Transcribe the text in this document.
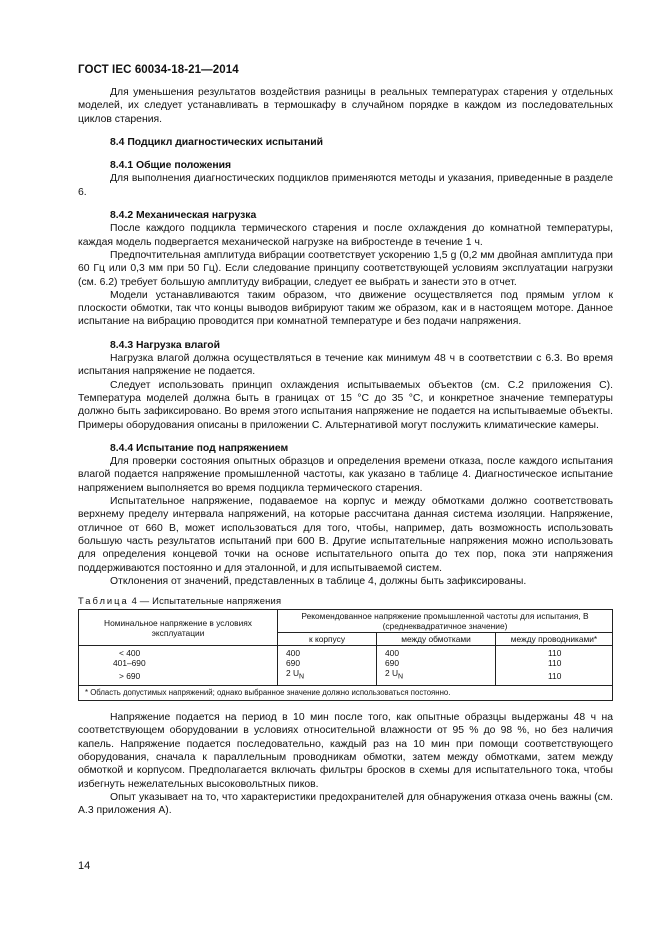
ГОСТ IEC 60034-18-21—2014

Для уменьшения результатов воздействия разницы в реальных температурах старения у отдельных моделей, их следует устанавливать в термошкафу в случайном порядке в каждом из последовательных циклов старения.

8.4 Подцикл диагностических испытаний
8.4.1 Общие положения

Для выполнения диагностических подциклов применяются методы и указания, приведенные в разделе 6.

8.4.2 Механическая нагрузка

После каждого подцикла термического старения и после охлаждения до комнатной температуры, каждая модель подвергается механической нагрузке на вибростенде в течение 1 ч.

Предпочтительная амплитуда вибрации соответствует ускорению 1,5 g (0,2 мм двойная амплитуда при 60 Гц или 0,3 мм при 50 Гц). Если следование принципу соответствующей условиям эксплуатации нагрузки (см. 6.2) требует большую амплитуду вибрации, следует ее выбрать и занести это в отчет.

Модели устанавливаются таким образом, что движение осуществляется под прямым углом к плоскости обмотки, так что концы выводов вибрируют таким же образом, как и в настоящем моторе. Данное испытание на вибрацию проводится при комнатной температуре и без подачи напряжения.

8.4.3 Нагрузка влагой

Нагрузка влагой должна осуществляться в течение как минимум 48 ч в соответствии с 6.3. Во время испытания напряжение не подается.

Следует использовать принцип охлаждения испытываемых объектов (см. С.2 приложения С). Температура моделей должна быть в границах от 15 °С до 35 °С, и конкретное значение температуры должно быть зафиксировано. Во время этого испытания напряжение не подается на испытываемые объекты. Примеры оборудования описаны в приложении С. Альтернативой могут послужить климатические камеры.

8.4.4 Испытание под напряжением

Для проверки состояния опытных образцов и определения времени отказа, после каждого испытания влагой подается напряжение промышленной частоты, как указано в таблице 4. Диагностическое испытание напряжением выполняется во время подцикла термического старения.

Испытательное напряжение, подаваемое на корпус и между обмотками должно соответствовать верхнему пределу интервала напряжений, на которые рассчитана данная система изоляции. Напряжение, отличное от 660 В, может использоваться для того, чтобы, например, дать возможность использовать большую часть результатов испытаний при 600 В. Другие испытательные напряжения можно использовать для определения концевой точки на основе испытательного опыта до тех пор, пока эти напряжения поддерживаются постоянно и для эталонной, и для испытываемой систем.

Отклонения от значений, представленных в таблице 4, должны быть зафиксированы.

Таблица 4 — Испытательные напряжения
Номинальное напряжение в условиях эксплуатации	Рекомендованное напряжение промышленной частоты для испытания, В (среднеквадратичное значение)		
	к корпусу	между обмотками	между проводниками*
< 400	400	400	110
401–690	690	690	110
> 690	2 $U_N$	2 $U_N$	110
* Область допустимых напряжений; однако выбранное значение должно использоваться постоянно.			

Напряжение подается на период в 10 мин после того, как опытные образцы выдержаны 48 ч на соответствующем оборудовании в условиях относительной влажности от 95 % до 98 %, но без наличия капель. Напряжение подается последовательно, каждый раз на 10 мин при помощи соответствующего оборудования, сначала к параллельным проводникам обмотки, затем между обмотками, затем между обмоткой и корпусом. Предполагается включать фильтры бросков в схемы для испытательного тока, чтобы избегнуть нежелательных высоковольтных пиков.

Опыт указывает на то, что характеристики предохранителей для обнаружения отказа очень важны (см. А.3 приложения А).

14
